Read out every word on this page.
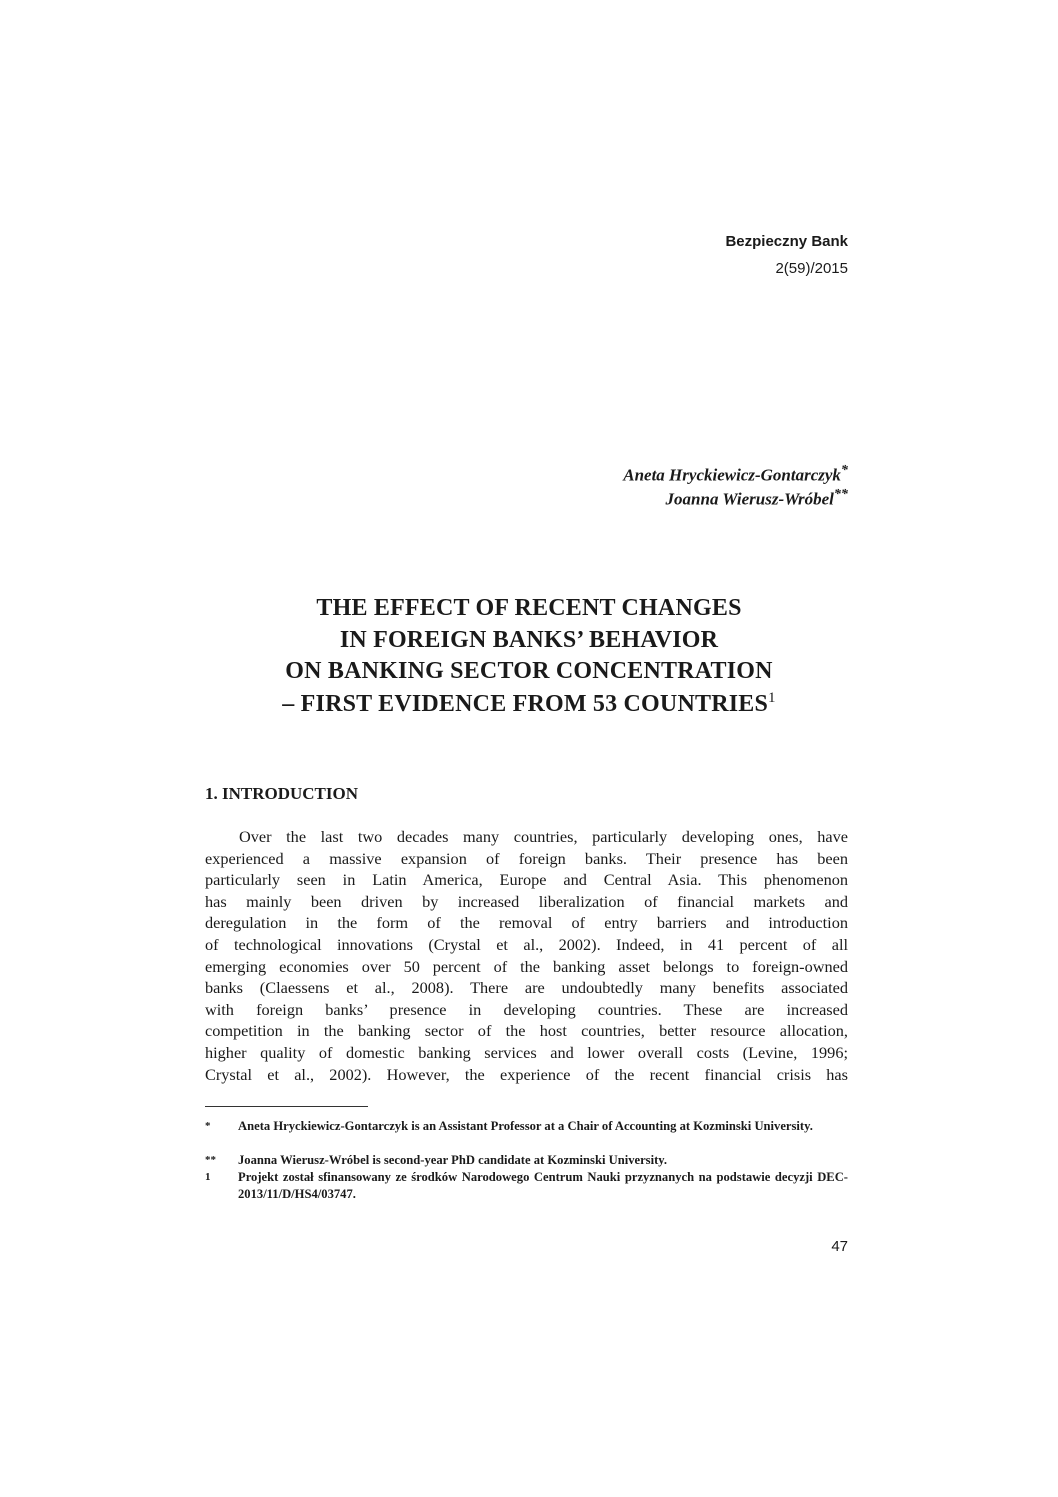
Bezpieczny Bank
2(59)/2015
Aneta Hryckiewicz-Gontarczyk*
Joanna Wierusz-Wróbel**
THE EFFECT OF RECENT CHANGES
IN FOREIGN BANKS’ BEHAVIOR
ON BANKING SECTOR CONCENTRATION
– FIRST EVIDENCE FROM 53 COUNTRIES$^1$
1. INTRODUCTION
Over the last two decades many countries, particularly developing ones, have
experienced a massive expansion of foreign banks. Their presence has been
particularly seen in Latin America, Europe and Central Asia. This phenomenon
has mainly been driven by increased liberalization of financial markets and
deregulation in the form of the removal of entry barriers and introduction
of technological innovations (Crystal et al., 2002). Indeed, in 41 percent of all
emerging economies over 50 percent of the banking asset belongs to foreign-owned
banks (Claessens et al., 2008). There are undoubtedly many benefits associated
with foreign banks’ presence in developing countries. These are increased
competition in the banking sector of the host countries, better resource allocation,
higher quality of domestic banking services and lower overall costs (Levine, 1996;
Crystal et al., 2002). However, the experience of the recent financial crisis has
* Aneta Hryckiewicz-Gontarczyk is an Assistant Professor at a Chair of Accounting at Kozminski University.
** Joanna Wierusz-Wróbel is second-year PhD candidate at Kozminski University.
1 Projekt został sfinansowany ze środków Narodowego Centrum Nauki przyznanych na podstawie decyzji DEC-2013/11/D/HS4/03747.
47
